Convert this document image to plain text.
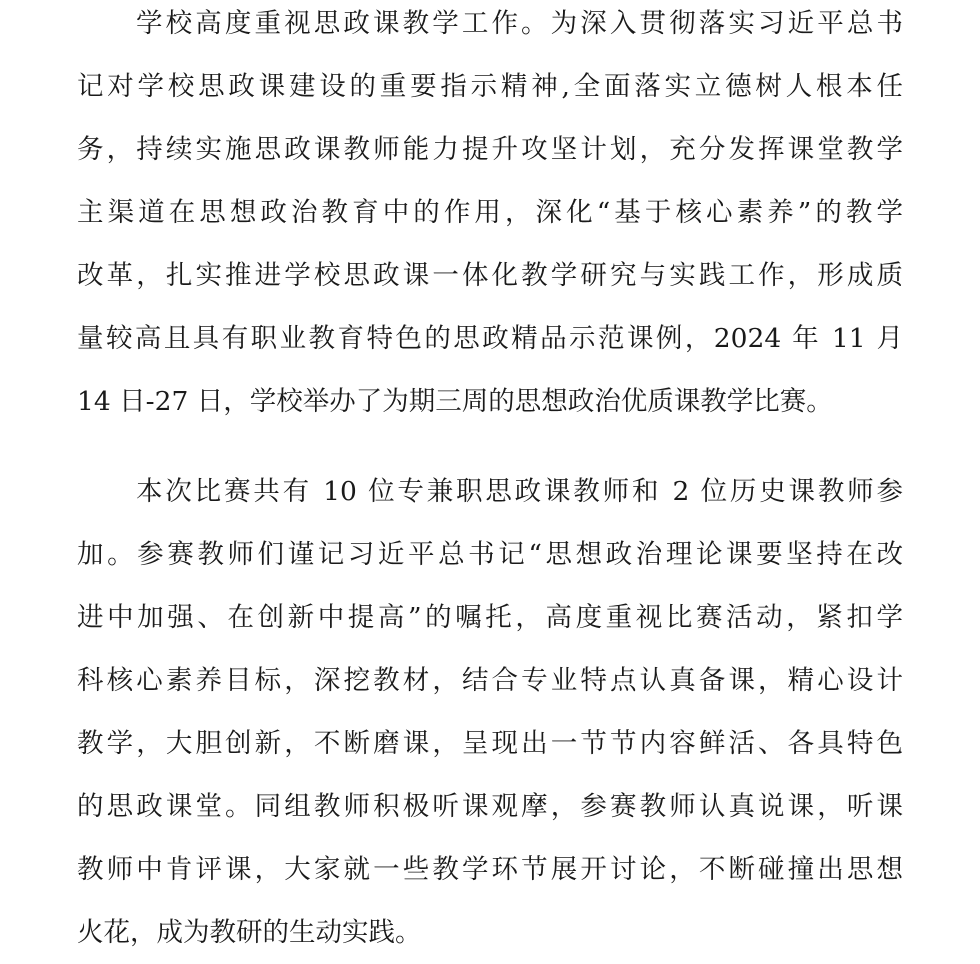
学校高度重视思政课教学工作。为深入贯彻落实习近平总书

记对学校思政课建设的重要指示精神,全面落实立德树人根本任

务，持续实施思政课教师能力提升攻坚计划，充分发挥课堂教学

主渠道在思想政治教育中的作用，深化“基于核心素养”的教学

改革，扎实推进学校思政课一体化教学研究与实践工作，形成质

量较高且具有职业教育特色的思政精品示范课例，2024 年 11 月

14 日-27 日，学校举办了为期三周的思想政治优质课教学比赛。

本次比赛共有 10 位专兼职思政课教师和 2 位历史课教师参

加。参赛教师们谨记习近平总书记“思想政治理论课要坚持在改

进中加强、在创新中提高”的嘱托，高度重视比赛活动，紧扣学

科核心素养目标，深挖教材，结合专业特点认真备课，精心设计

教学，大胆创新，不断磨课，呈现出一节节内容鲜活、各具特色

的思政课堂。同组教师积极听课观摩，参赛教师认真说课，听课

教师中肯评课，大家就一些教学环节展开讨论，不断碰撞出思想

火花，成为教研的生动实践。
